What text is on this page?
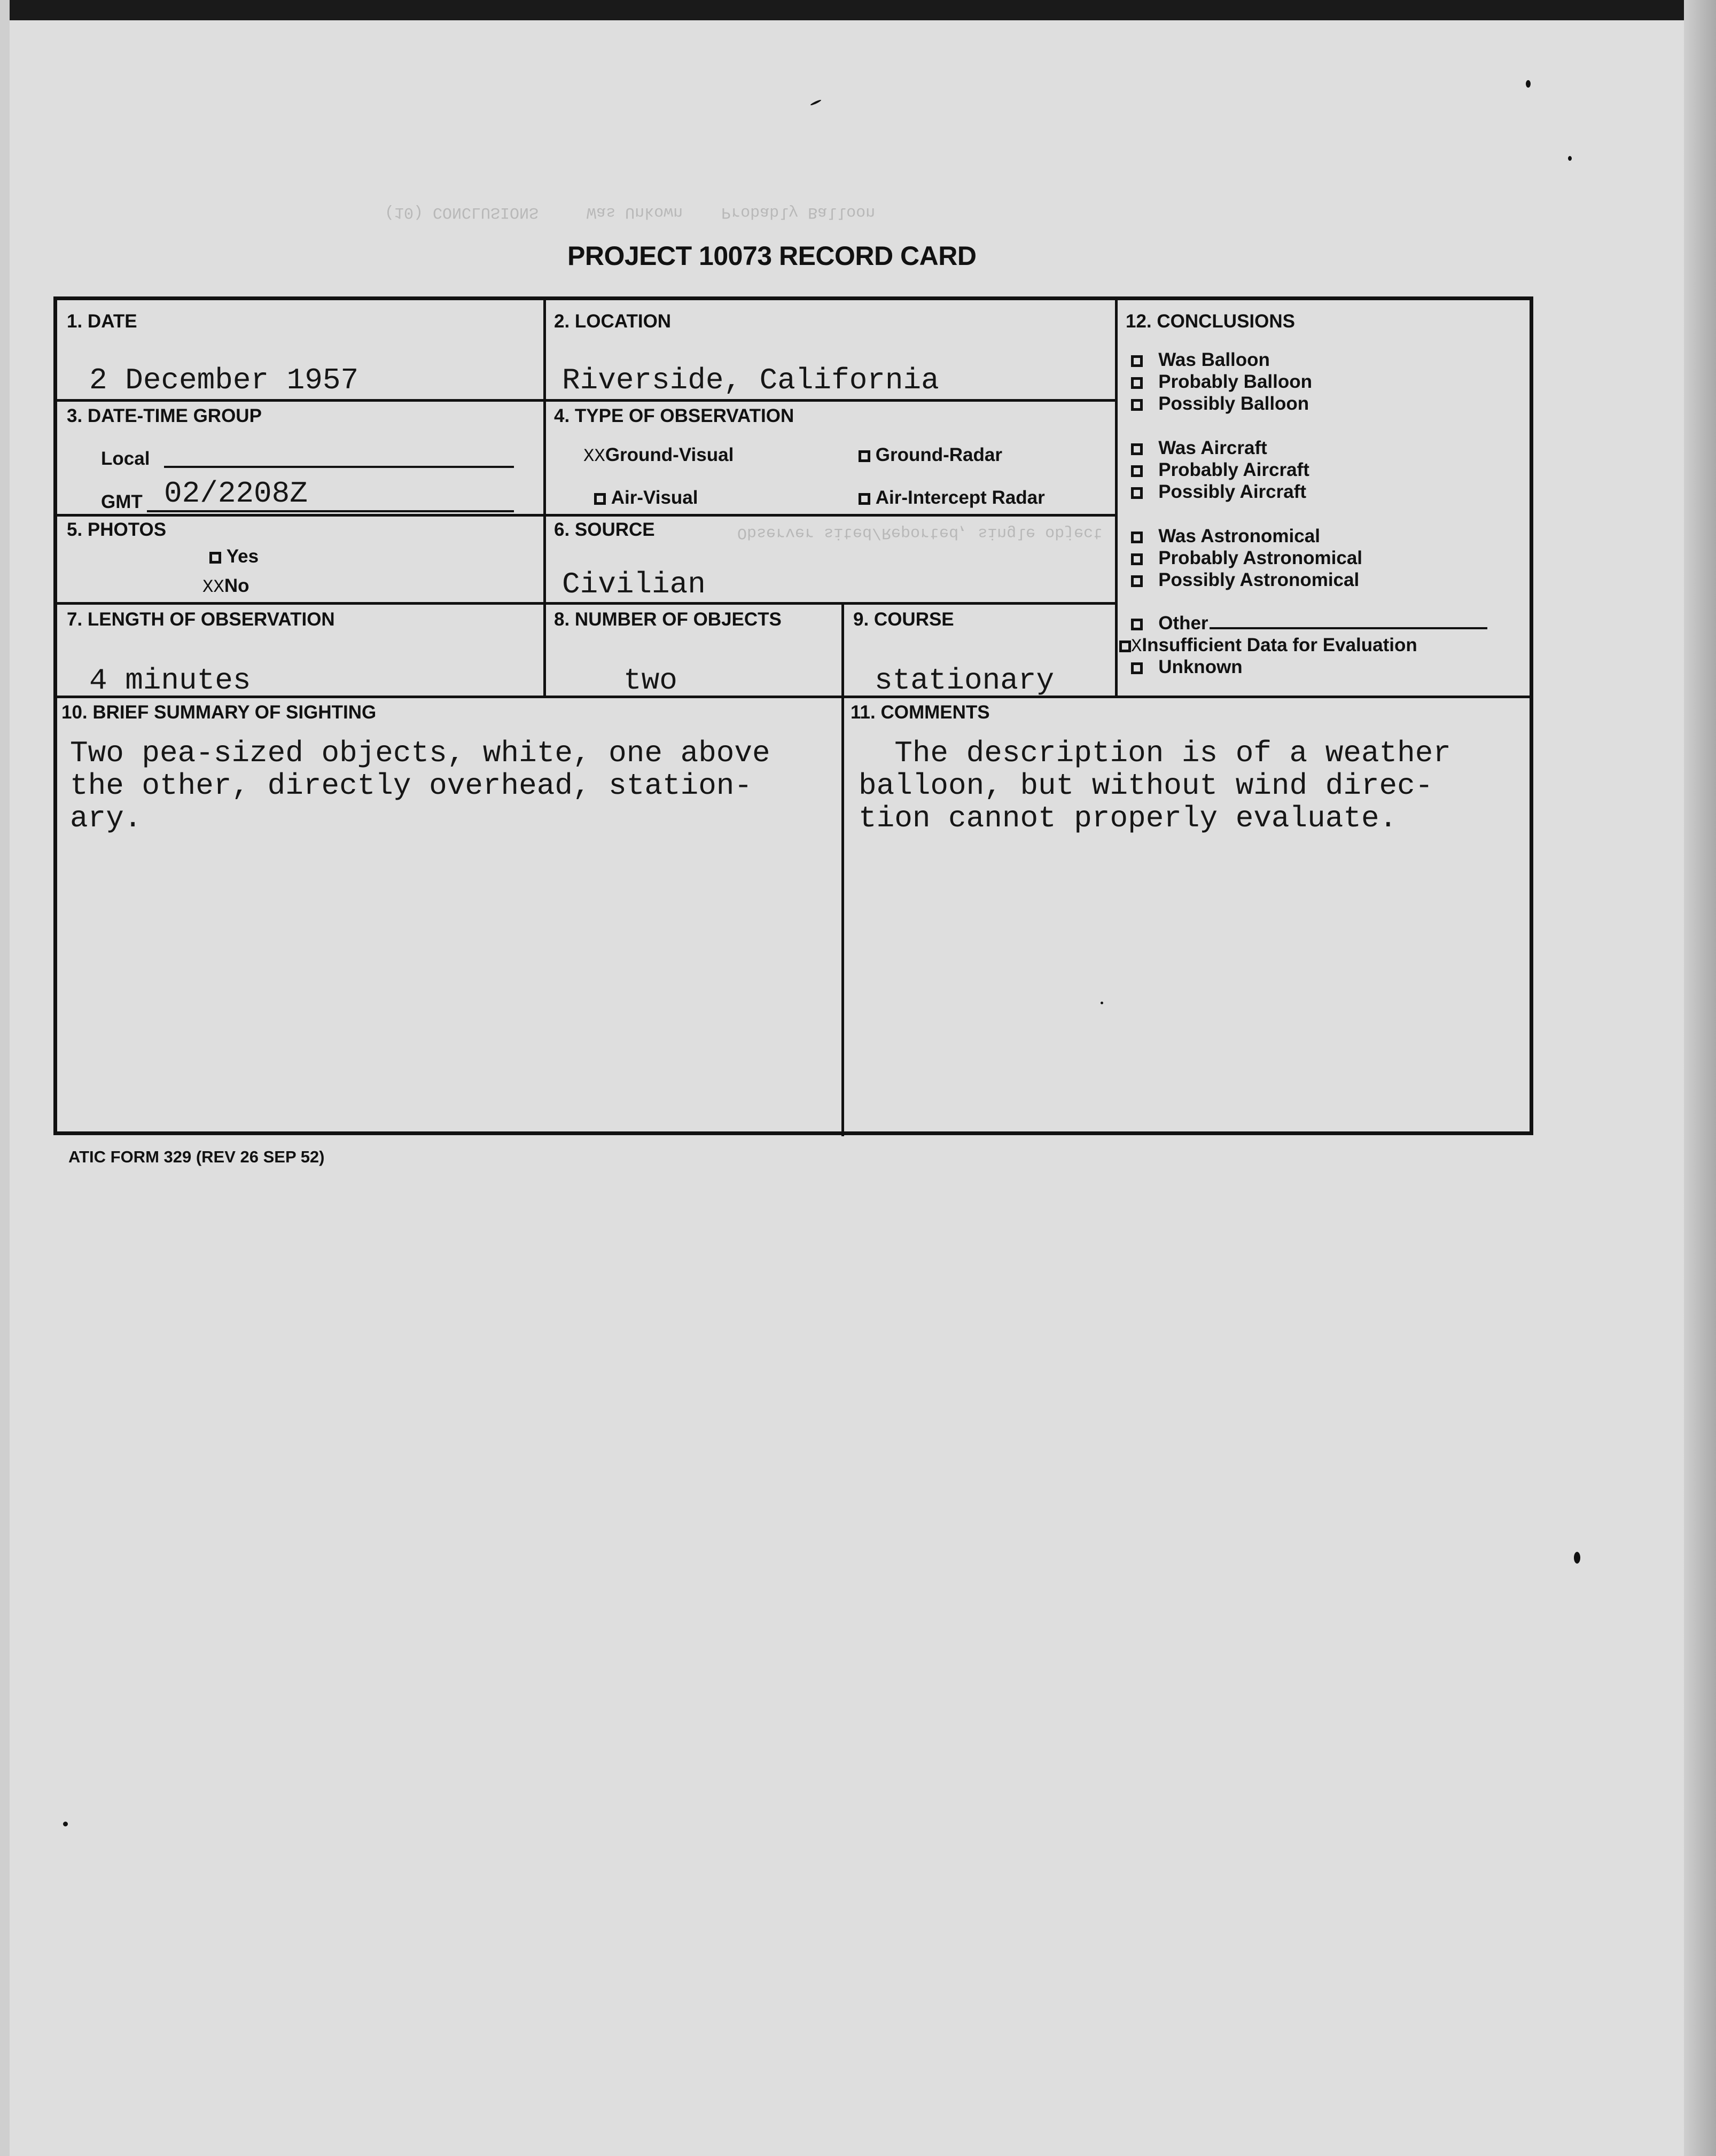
(10) CONCLUSIONS     Was Unkown    Probably Balloon
Observer sited/Reported, single object
PROJECT 10073 RECORD CARD
1. DATE
2 December 1957
2. LOCATION
Riverside, California
3. DATE-TIME GROUP
Local
GMT 02/2208Z
4. TYPE OF OBSERVATION
XXGround-Visual	Ground-Radar
Air-Visual	Air-Intercept Radar
5. PHOTOS
Yes
XXNo
6. SOURCE
Civilian
7. LENGTH OF OBSERVATION
4 minutes
8. NUMBER OF OBJECTS
two
9. COURSE
stationary
10. BRIEF SUMMARY OF SIGHTING
Two pea-sized objects, white, one above
the other, directly overhead, station-
ary.
11. COMMENTS
The description is of a weather
balloon, but without wind direc-
tion cannot properly evaluate.
12. CONCLUSIONS
Was Balloon
Probably Balloon
Possibly Balloon
Was Aircraft
Probably Aircraft
Possibly Aircraft
Was Astronomical
Probably Astronomical
Possibly Astronomical
Other
XInsufficient Data for Evaluation
Unknown
ATIC FORM 329 (REV 26 SEP 52)
